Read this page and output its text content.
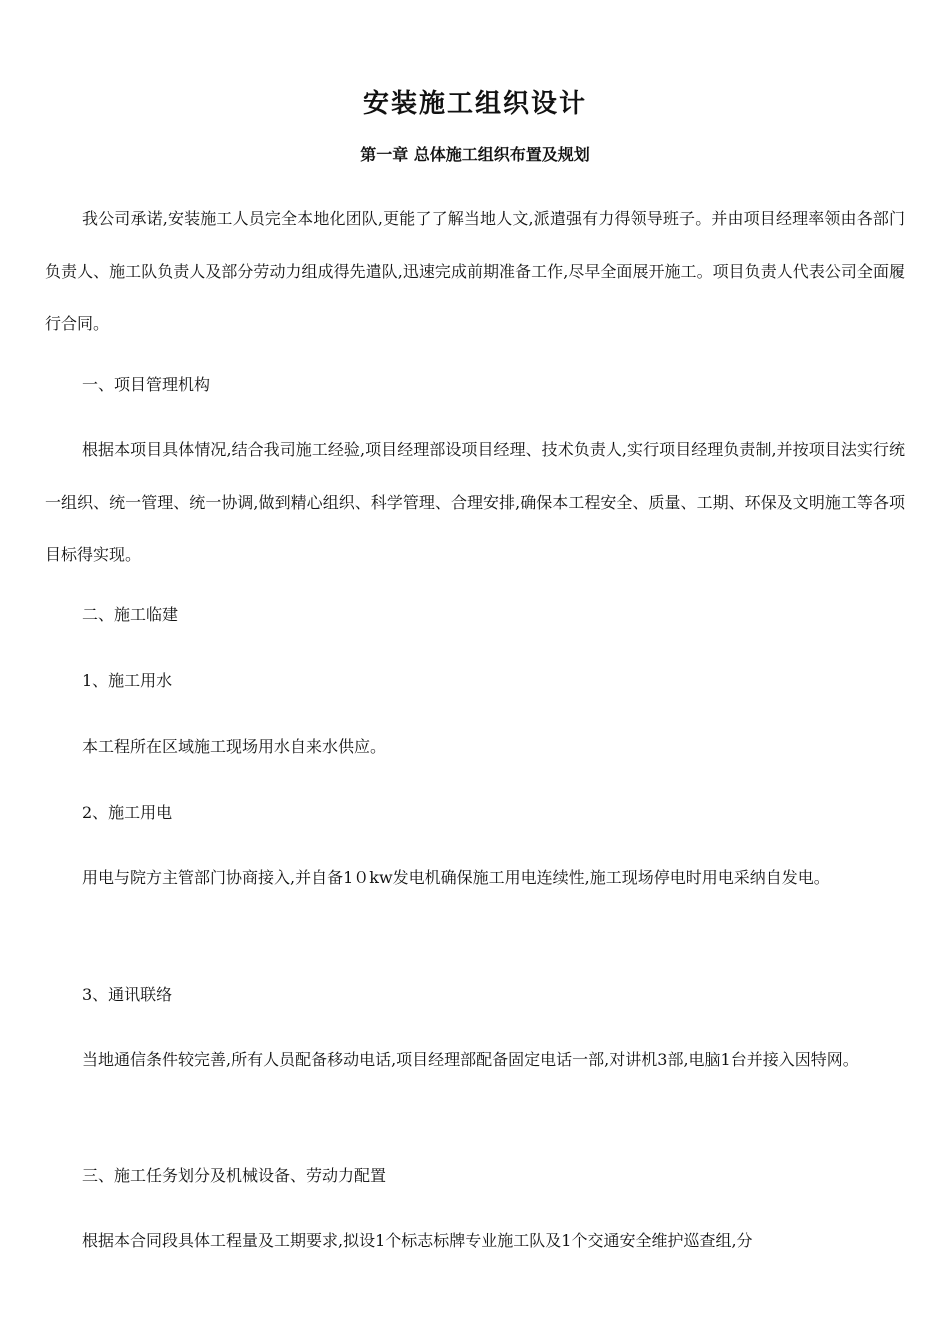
安装施工组织设计
第一章 总体施工组织布置及规划

我公司承诺,安装施工人员完全本地化团队,更能了了解当地人文,派遣强有力得领导班子。并由项目经理率领由各部门负责人、施工队负责人及部分劳动力组成得先遣队,迅速完成前期准备工作,尽早全面展开施工。项目负责人代表公司全面履行合同。

一、项目管理机构

根据本项目具体情况,结合我司施工经验,项目经理部设项目经理、技术负责人,实行项目经理负责制,并按项目法实行统一组织、统一管理、统一协调,做到精心组织、科学管理、合理安排,确保本工程安全、质量、工期、环保及文明施工等各项目标得实现。

二、施工临建

1、施工用水

本工程所在区域施工现场用水自来水供应。

2、施工用电

用电与院方主管部门协商接入,并自备1０kw发电机确保施工用电连续性,施工现场停电时用电采纳自发电。

3、通讯联络

当地通信条件较完善,所有人员配备移动电话,项目经理部配备固定电话一部,对讲机3部,电脑1台并接入因特网。

三、施工任务划分及机械设备、劳动力配置

根据本合同段具体工程量及工期要求,拟设1个标志标牌专业施工队及1个交通安全维护巡查组,分
